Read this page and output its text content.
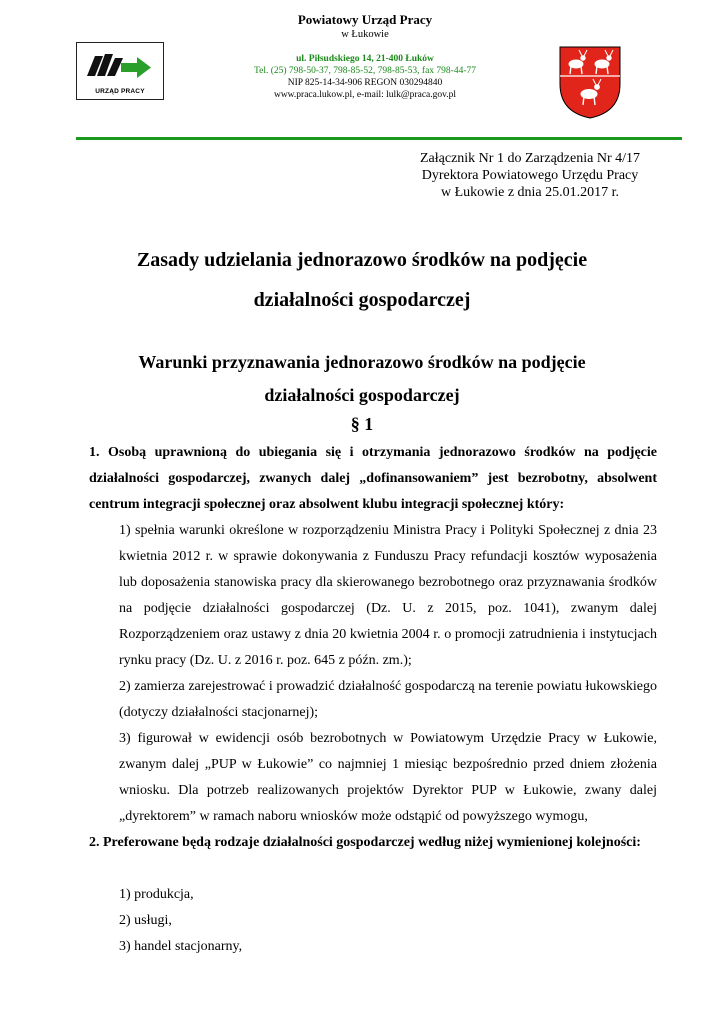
URZĄD PRACY
Powiatowy Urząd Pracy
w Łukowie
ul. Piłsudskiego 14, 21-400 Łuków
Tel. (25) 798-50-37, 798-85-52, 798-85-53, fax 798-44-77
NIP 825-14-34-906 REGON 030294840
www.praca.lukow.pl, e-mail: lulk@praca.gov.pl
Załącznik Nr 1 do Zarządzenia Nr 4/17
Dyrektora Powiatowego Urzędu Pracy
w Łukowie z dnia 25.01.2017 r.
Zasady udzielania jednorazowo środków na podjęcie
działalności gospodarczej
Warunki przyznawania jednorazowo środków na podjęcie
działalności gospodarczej
§ 1
1. Osobą uprawnioną do ubiegania się i otrzymania jednorazowo środków na podjęcie działalności gospodarczej, zwanych dalej „dofinansowaniem” jest bezrobotny, absolwent centrum integracji społecznej oraz absolwent klubu integracji społecznej który:
1) spełnia warunki określone w rozporządzeniu Ministra Pracy i Polityki Społecznej z dnia 23 kwietnia 2012 r. w sprawie dokonywania z Funduszu Pracy refundacji kosztów wyposażenia lub doposażenia stanowiska pracy dla skierowanego bezrobotnego oraz przyznawania środków na podjęcie działalności gospodarczej (Dz. U. z 2015, poz. 1041), zwanym dalej Rozporządzeniem oraz ustawy z dnia 20 kwietnia 2004 r. o promocji zatrudnienia i instytucjach rynku pracy (Dz. U. z 2016 r. poz. 645 z późn. zm.);
2) zamierza zarejestrować i prowadzić działalność gospodarczą na terenie powiatu łukowskiego (dotyczy działalności stacjonarnej);
3) figurował w ewidencji osób bezrobotnych w Powiatowym Urzędzie Pracy w Łukowie, zwanym dalej „PUP w Łukowie” co najmniej 1 miesiąc bezpośrednio przed dniem złożenia wniosku. Dla potrzeb realizowanych projektów Dyrektor PUP w Łukowie, zwany dalej „dyrektorem” w ramach naboru wniosków może odstąpić od powyższego wymogu,
2. Preferowane będą rodzaje działalności gospodarczej według niżej wymienionej kolejności:
1) produkcja,
2) usługi,
3) handel stacjonarny,
